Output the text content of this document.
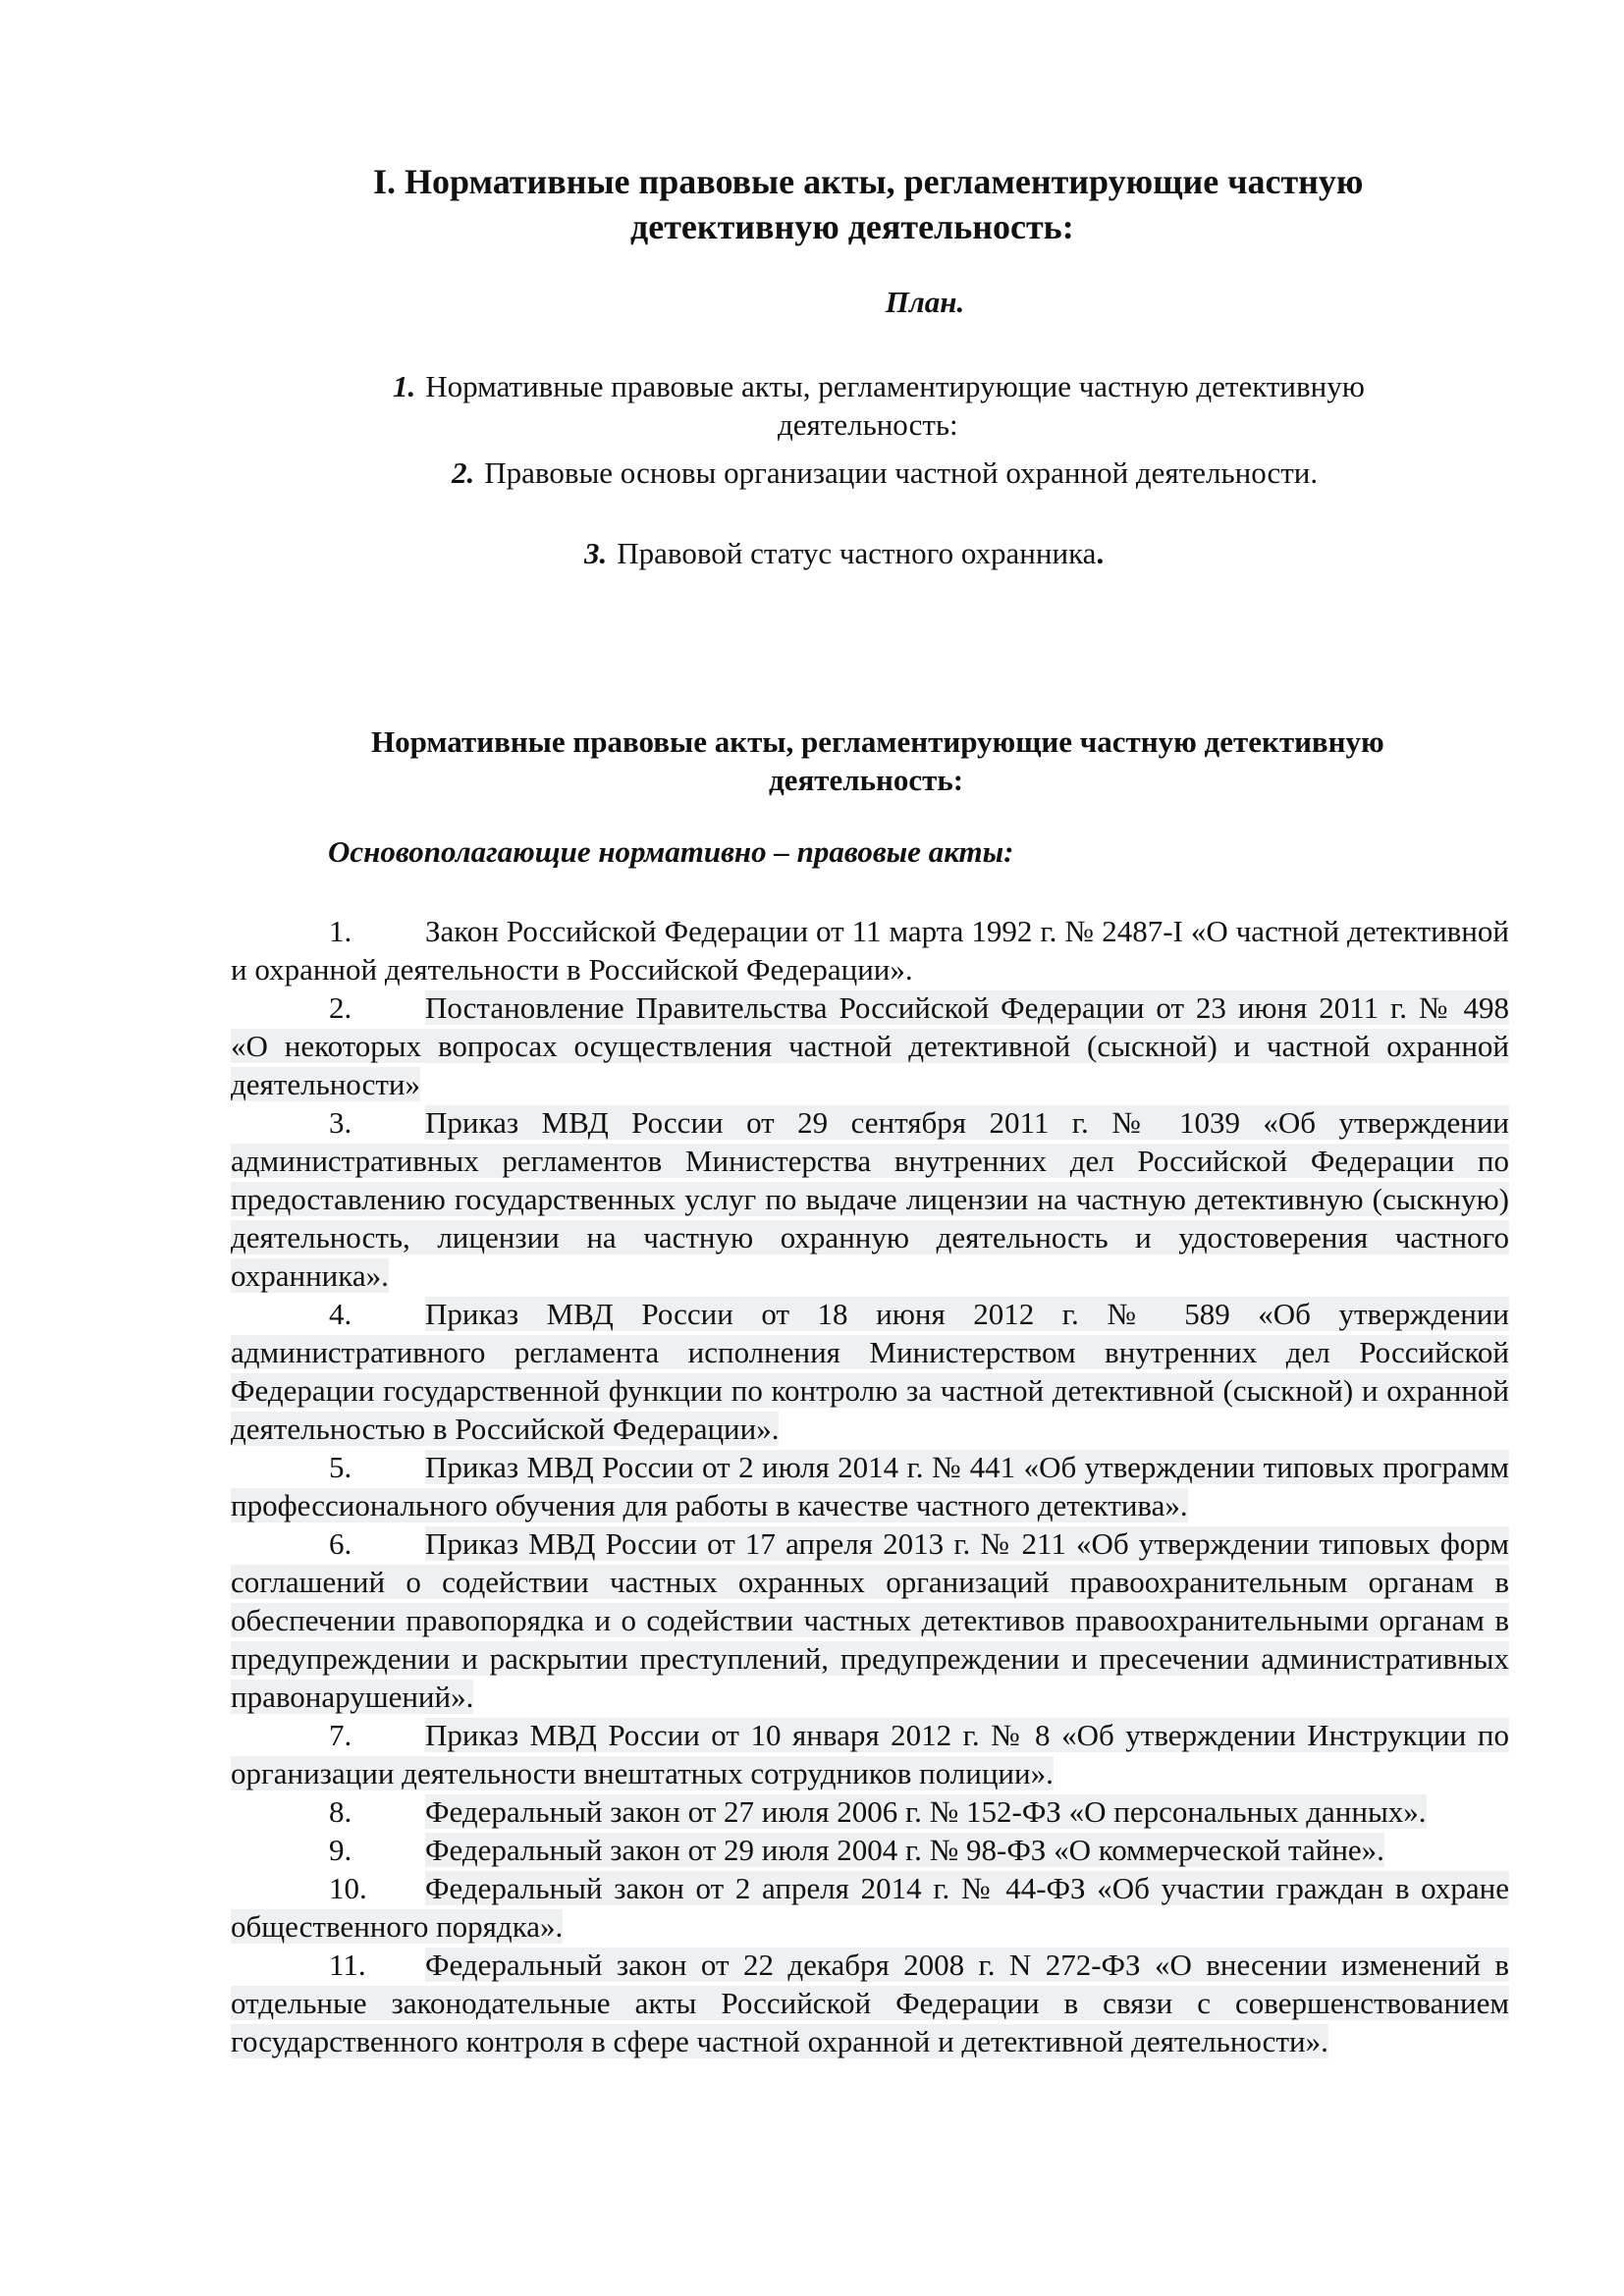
I. Нормативные правовые акты, регламентирующие частную
детективную деятельность:

План.

1. Нормативные правовые акты, регламентирующие частную детективную
деятельность:

2. Правовые основы организации частной охранной деятельности.

3. Правовой статус частного охранника.

Нормативные правовые акты, регламентирующие частную детективную
деятельность:

Основополагающие нормативно – правовые акты:

1. Закон Российской Федерации от 11 марта 1992 г. № 2487-I «О частной детективной и охранной деятельности в Российской Федерации».
2. Постановление Правительства Российской Федерации от 23 июня 2011 г. № 498 «О некоторых вопросах осуществления частной детективной (сыскной) и частной охранной деятельности»
3. Приказ МВД России от 29 сентября 2011 г. № 1039 «Об утверждении административных регламентов Министерства внутренних дел Российской Федерации по предоставлению государственных услуг по выдаче лицензии на частную детективную (сыскную) деятельность, лицензии на частную охранную деятельность и удостоверения частного охранника».
4. Приказ МВД России от 18 июня 2012 г. № 589 «Об утверждении административного регламента исполнения Министерством внутренних дел Российской Федерации государственной функции по контролю за частной детективной (сыскной) и охранной деятельностью в Российской Федерации».
5. Приказ МВД России от 2 июля 2014 г. № 441 «Об утверждении типовых программ профессионального обучения для работы в качестве частного детектива».
6. Приказ МВД России от 17 апреля 2013 г. № 211 «Об утверждении типовых форм соглашений о содействии частных охранных организаций правоохранительным органам в обеспечении правопорядка и о содействии частных детективов правоохранительными органам в предупреждении и раскрытии преступлений, предупреждении и пресечении административных правонарушений».
7. Приказ МВД России от 10 января 2012 г. № 8 «Об утверждении Инструкции по организации деятельности внештатных сотрудников полиции».
8. Федеральный закон от 27 июля 2006 г. № 152-ФЗ «О персональных данных».
9. Федеральный закон от 29 июля 2004 г. № 98-ФЗ «О коммерческой тайне».
10. Федеральный закон от 2 апреля 2014 г. № 44-ФЗ «Об участии граждан в охране общественного порядка».
11. Федеральный закон от 22 декабря 2008 г. N 272-ФЗ «О внесении изменений в отдельные законодательные акты Российской Федерации в связи с совершенствованием государственного контроля в сфере частной охранной и детективной деятельности».
